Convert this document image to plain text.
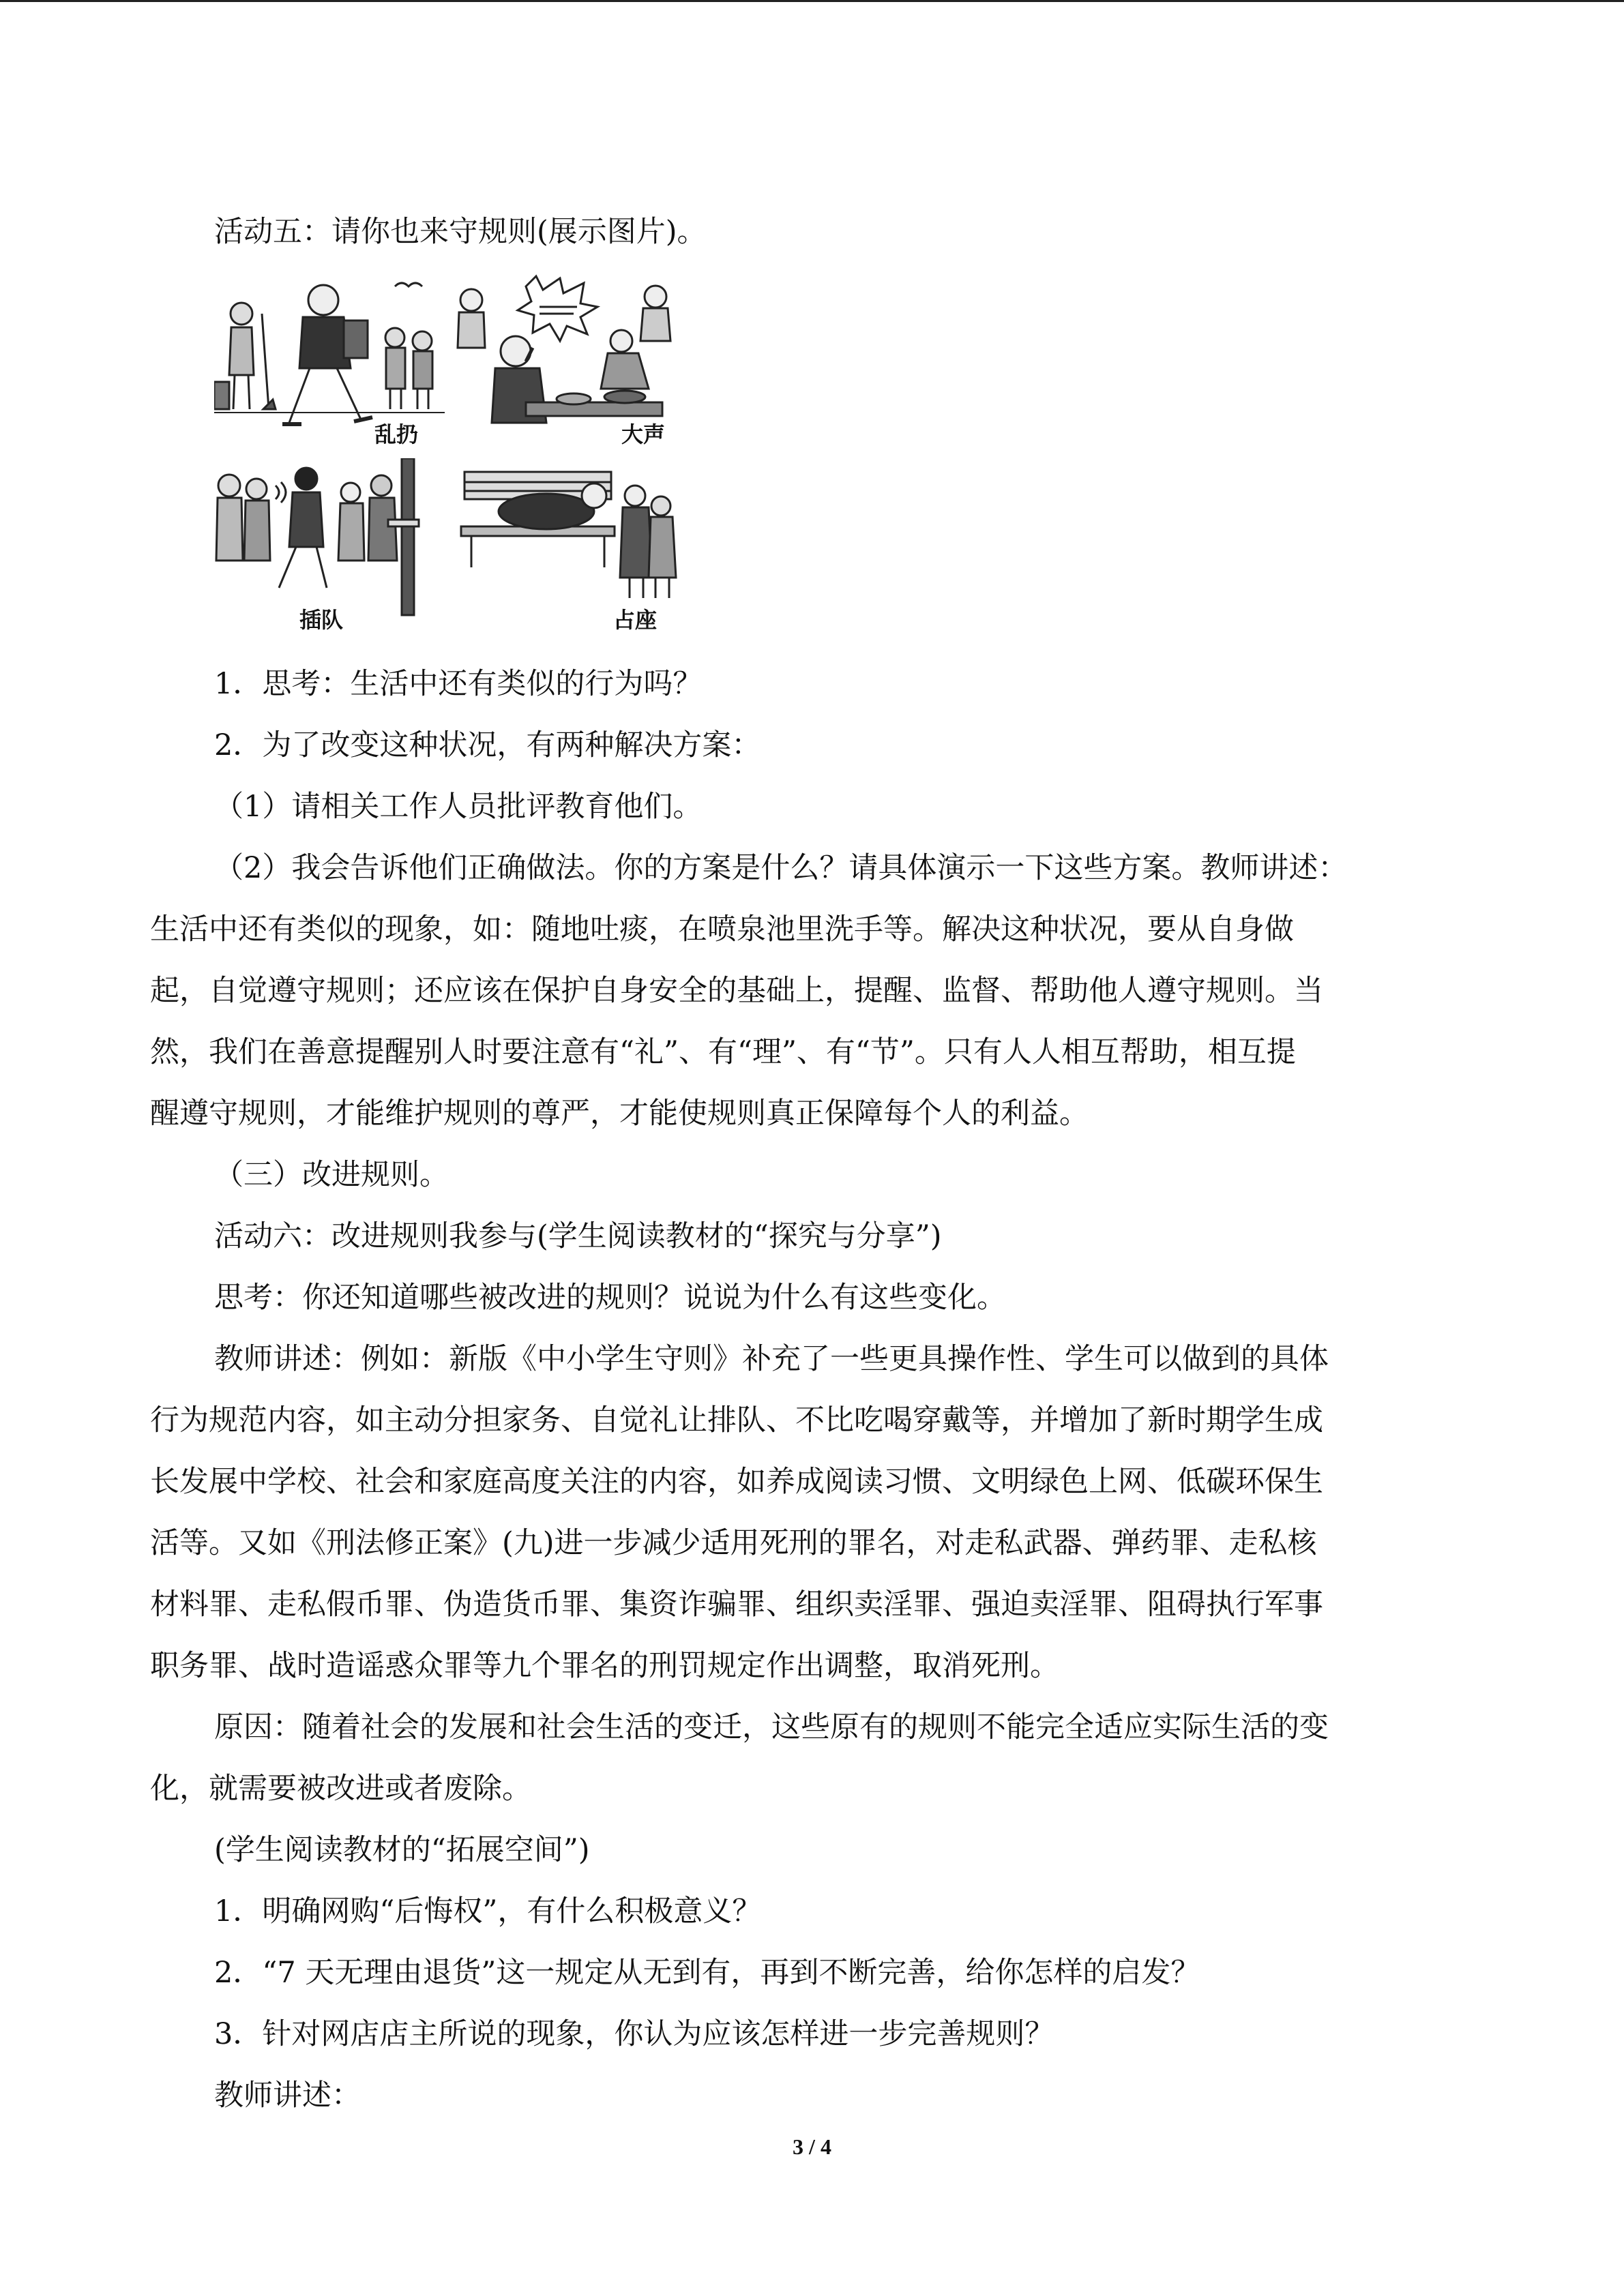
活动五：请你也来守规则(展示图片)。
乱扔	大声
插队	占座
1．思考：生活中还有类似的行为吗？
2．为了改变这种状况，有两种解决方案：
（1）请相关工作人员批评教育他们。
（2）我会告诉他们正确做法。你的方案是什么？请具体演示一下这些方案。教师讲述：
生活中还有类似的现象，如：随地吐痰，在喷泉池里洗手等。解决这种状况，要从自身做
起，自觉遵守规则；还应该在保护自身安全的基础上，提醒、监督、帮助他人遵守规则。当
然，我们在善意提醒别人时要注意有“礼”、有“理”、有“节”。只有人人相互帮助，相互提
醒遵守规则，才能维护规则的尊严，才能使规则真正保障每个人的利益。
（三）改进规则。
活动六：改进规则我参与(学生阅读教材的“探究与分享”)
思考：你还知道哪些被改进的规则？说说为什么有这些变化。
教师讲述：例如：新版《中小学生守则》补充了一些更具操作性、学生可以做到的具体
行为规范内容，如主动分担家务、自觉礼让排队、不比吃喝穿戴等，并增加了新时期学生成
长发展中学校、社会和家庭高度关注的内容，如养成阅读习惯、文明绿色上网、低碳环保生
活等。又如《刑法修正案》(九)进一步减少适用死刑的罪名，对走私武器、弹药罪、走私核
材料罪、走私假币罪、伪造货币罪、集资诈骗罪、组织卖淫罪、强迫卖淫罪、阻碍执行军事
职务罪、战时造谣惑众罪等九个罪名的刑罚规定作出调整，取消死刑。
原因：随着社会的发展和社会生活的变迁，这些原有的规则不能完全适应实际生活的变
化，就需要被改进或者废除。
(学生阅读教材的“拓展空间”)
1．明确网购“后悔权”，有什么积极意义？
2．“7 天无理由退货”这一规定从无到有，再到不断完善，给你怎样的启发？
3．针对网店店主所说的现象，你认为应该怎样进一步完善规则？
教师讲述：
3 / 4
